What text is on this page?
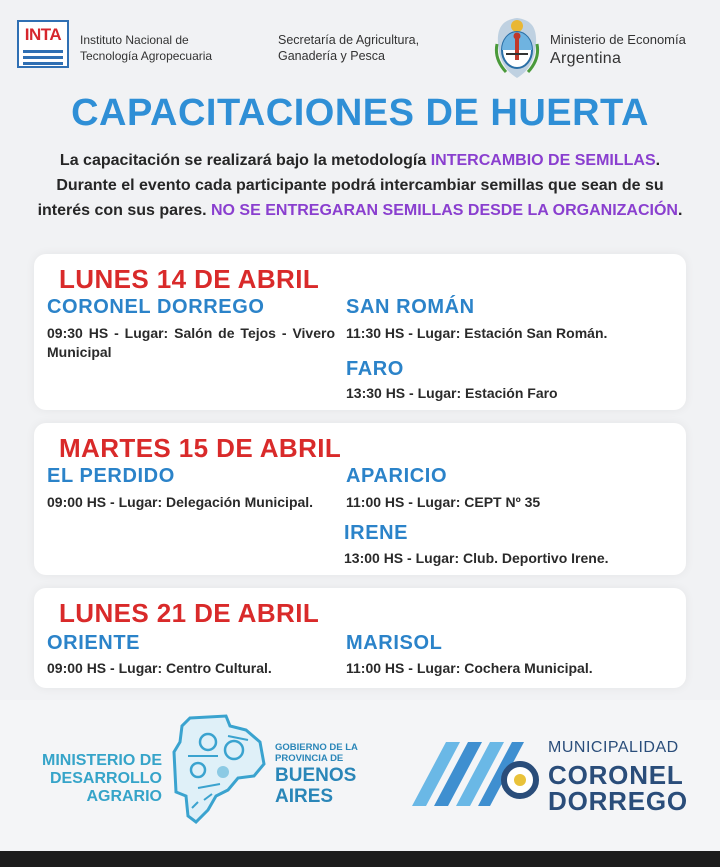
INTA	Instituto Nacional de
Tecnología Agropecuaria
Secretaría de Agricultura,
Ganadería y Pesca
Ministerio de Economía
Argentina
CAPACITACIONES DE HUERTA
La capacitación se realizará bajo la metodología INTERCAMBIO DE SEMILLAS. Durante el evento cada participante podrá intercambiar semillas que sean de su interés con sus pares. NO SE ENTREGARAN SEMILLAS DESDE LA ORGANIZACIÓN.
LUNES 14 DE ABRIL
CORONEL DORREGO
09:30 HS - Lugar: Salón de Tejos - Vivero Municipal
SAN ROMÁN
11:30 HS - Lugar: Estación San Román.
FARO
13:30 HS - Lugar: Estación Faro
MARTES 15 DE ABRIL
EL PERDIDO
09:00 HS - Lugar: Delegación Municipal.
APARICIO
11:00 HS - Lugar: CEPT Nº 35
IRENE
13:00 HS - Lugar: Club. Deportivo Irene.
LUNES 21 DE ABRIL
ORIENTE
09:00 HS - Lugar: Centro Cultural.
MARISOL
11:00 HS - Lugar: Cochera Municipal.
MINISTERIO DE
DESARROLLO
AGRARIO
GOBIERNO DE LA
PROVINCIA DE
BUENOS
AIRES
MUNICIPALIDAD
CORONEL
DORREGO
